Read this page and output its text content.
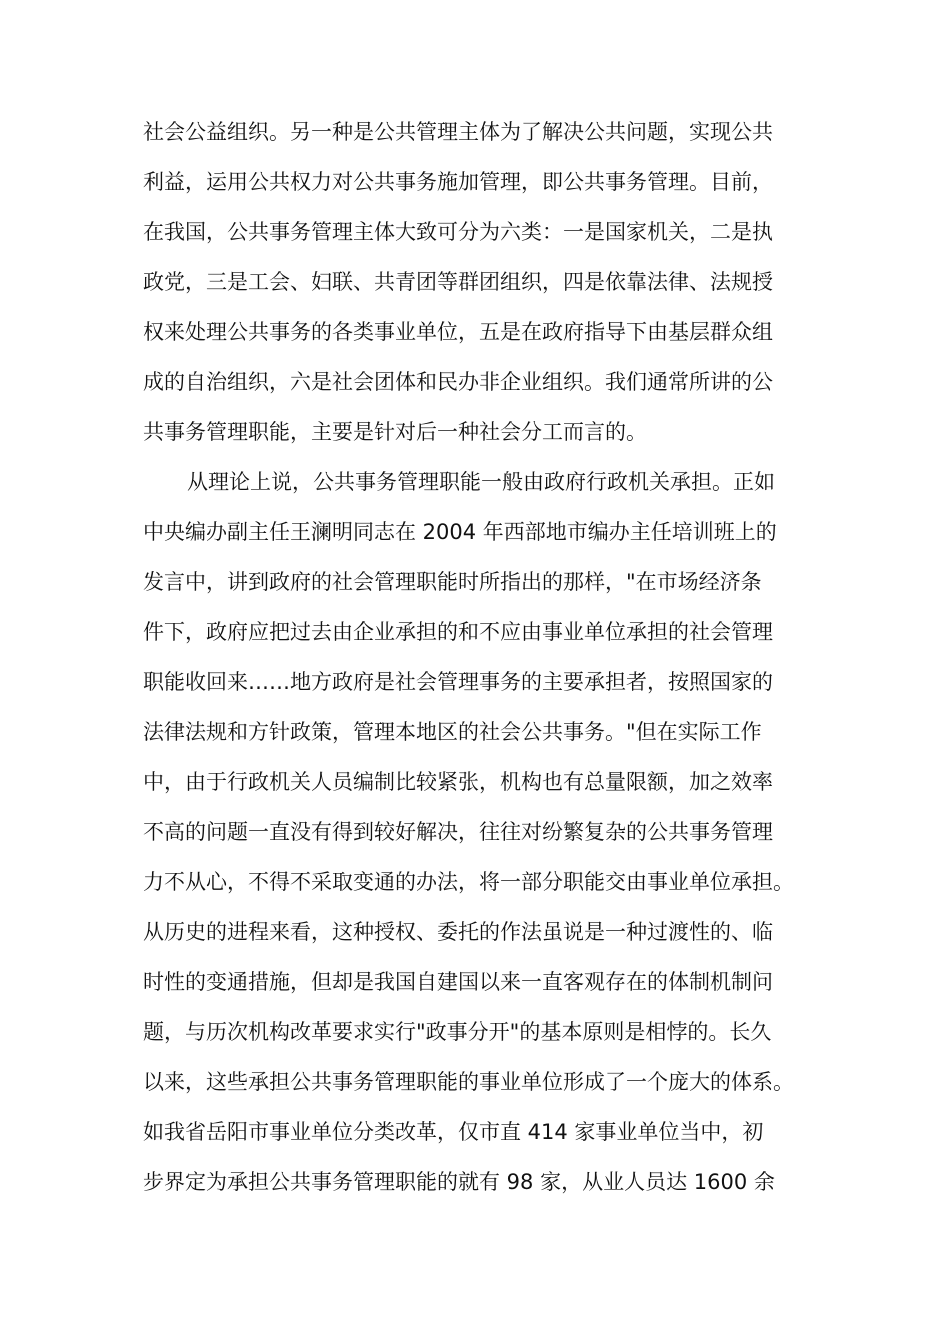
社会公益组织。另一种是公共管理主体为了解决公共问题，实现公共
利益，运用公共权力对公共事务施加管理，即公共事务管理。目前，
在我国，公共事务管理主体大致可分为六类：一是国家机关，二是执
政党，三是工会、妇联、共青团等群团组织，四是依靠法律、法规授
权来处理公共事务的各类事业单位，五是在政府指导下由基层群众组
成的自治组织，六是社会团体和民办非企业组织。我们通常所讲的公
共事务管理职能，主要是针对后一种社会分工而言的。
从理论上说，公共事务管理职能一般由政府行政机关承担。正如
中央编办副主任王澜明同志在 2004 年西部地市编办主任培训班上的
发言中，讲到政府的社会管理职能时所指出的那样，"在市场经济条
件下，政府应把过去由企业承担的和不应由事业单位承担的社会管理
职能收回来……地方政府是社会管理事务的主要承担者，按照国家的
法律法规和方针政策，管理本地区的社会公共事务。"但在实际工作
中，由于行政机关人员编制比较紧张，机构也有总量限额，加之效率
不高的问题一直没有得到较好解决，往往对纷繁复杂的公共事务管理
力不从心，不得不采取变通的办法，将一部分职能交由事业单位承担。
从历史的进程来看，这种授权、委托的作法虽说是一种过渡性的、临
时性的变通措施，但却是我国自建国以来一直客观存在的体制机制问
题，与历次机构改革要求实行"政事分开"的基本原则是相悖的。长久
以来，这些承担公共事务管理职能的事业单位形成了一个庞大的体系。
如我省岳阳市事业单位分类改革，仅市直 414 家事业单位当中，初
步界定为承担公共事务管理职能的就有 98 家，从业人员达 1600 余
